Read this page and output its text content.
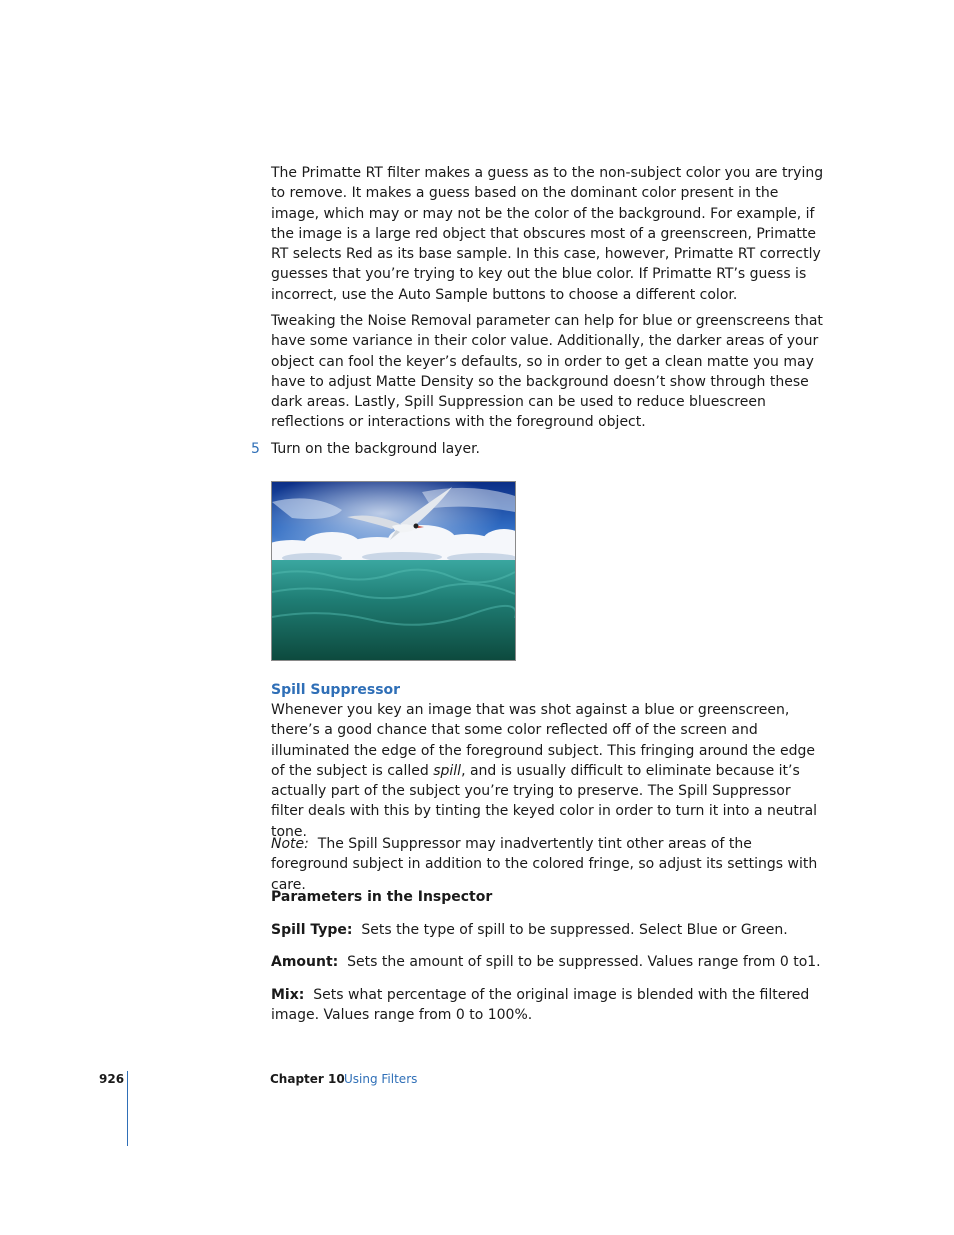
The Primatte RT filter makes a guess as to the non-subject color you are trying to remove. It makes a guess based on the dominant color present in the image, which may or may not be the color of the background. For example, if the image is a large red object that obscures most of a greenscreen, Primatte RT selects Red as its base sample. In this case, however, Primatte RT correctly guesses that you’re trying to key out the blue color. If Primatte RT’s guess is incorrect, use the Auto Sample buttons to choose a different color.

Tweaking the Noise Removal parameter can help for blue or greenscreens that have some variance in their color value. Additionally, the darker areas of your object can fool the keyer’s defaults, so in order to get a clean matte you may have to adjust Matte Density so the background doesn’t show through these dark areas. Lastly, Spill Suppression can be used to reduce bluescreen reflections or interactions with the foreground object.

5 Turn on the background layer.
Spill Suppressor

Whenever you key an image that was shot against a blue or greenscreen, there’s a good chance that some color reflected off of the screen and illuminated the edge of the foreground subject. This fringing around the edge of the subject is called spill, and is usually difficult to eliminate because it’s actually part of the subject you’re trying to preserve. The Spill Suppressor filter deals with this by tinting the keyed color in order to turn it into a neutral tone.

Note: The Spill Suppressor may inadvertently tint other areas of the foreground subject in addition to the colored fringe, so adjust its settings with care.

Parameters in the Inspector

Spill Type: Sets the type of spill to be suppressed. Select Blue or Green.

Amount: Sets the amount of spill to be suppressed. Values range from 0 to1.

Mix: Sets what percentage of the original image is blended with the filtered image. Values range from 0 to 100%.

926	Chapter 10 Using Filters
